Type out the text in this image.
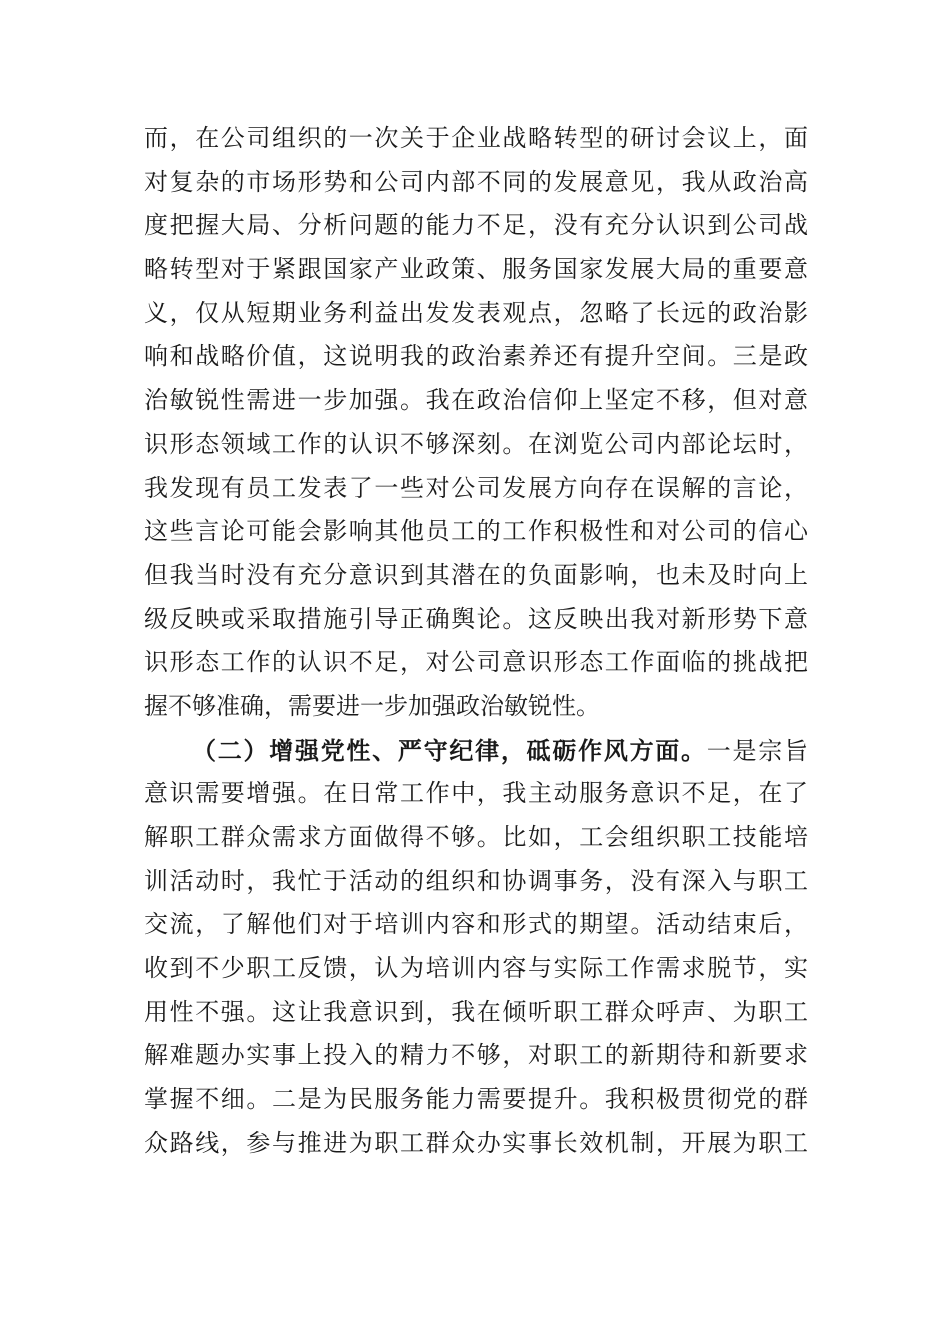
而，在公司组织的一次关于企业战略转型的研讨会议上，面
对复杂的市场形势和公司内部不同的发展意见，我从政治高
度把握大局、分析问题的能力不足，没有充分认识到公司战
略转型对于紧跟国家产业政策、服务国家发展大局的重要意
义，仅从短期业务利益出发发表观点，忽略了长远的政治影
响和战略价值，这说明我的政治素养还有提升空间。三是政
治敏锐性需进一步加强。我在政治信仰上坚定不移，但对意
识形态领域工作的认识不够深刻。在浏览公司内部论坛时，
我发现有员工发表了一些对公司发展方向存在误解的言论，
这些言论可能会影响其他员工的工作积极性和对公司的信心
但我当时没有充分意识到其潜在的负面影响，也未及时向上
级反映或采取措施引导正确舆论。这反映出我对新形势下意
识形态工作的认识不足，对公司意识形态工作面临的挑战把
握不够准确，需要进一步加强政治敏锐性。
（二）增强党性、严守纪律，砥砺作风方面。一是宗旨
意识需要增强。在日常工作中，我主动服务意识不足，在了
解职工群众需求方面做得不够。比如，工会组织职工技能培
训活动时，我忙于活动的组织和协调事务，没有深入与职工
交流，了解他们对于培训内容和形式的期望。活动结束后，
收到不少职工反馈，认为培训内容与实际工作需求脱节，实
用性不强。这让我意识到，我在倾听职工群众呼声、为职工
解难题办实事上投入的精力不够，对职工的新期待和新要求
掌握不细。二是为民服务能力需要提升。我积极贯彻党的群
众路线，参与推进为职工群众办实事长效机制，开展为职工
